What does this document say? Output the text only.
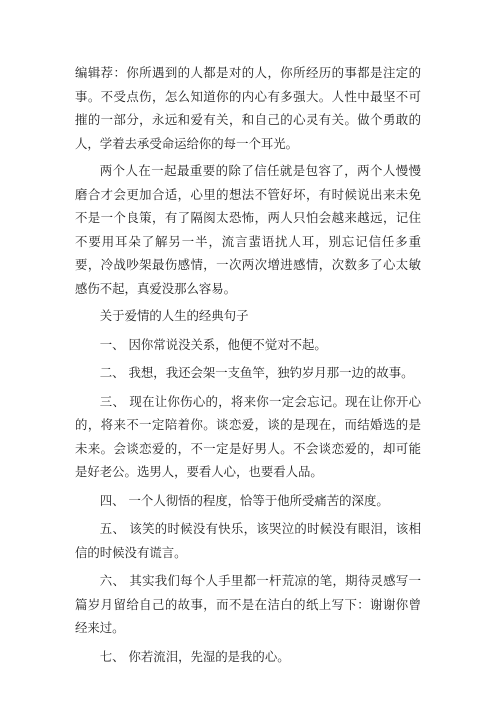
编辑荐：你所遇到的人都是对的人，你所经历的事都是注定的事。不受点伤，怎么知道你的内心有多强大。人性中最坚不可摧的一部分，永远和爱有关，和自己的心灵有关。做个勇敢的人，学着去承受命运给你的每一个耳光。

两个人在一起最重要的除了信任就是包容了，两个人慢慢磨合才会更加合适，心里的想法不管好坏，有时候说出来未免不是一个良策，有了隔阂太恐怖，两人只怕会越来越远，记住不要用耳朵了解另一半，流言蜚语扰人耳，别忘记信任多重要，冷战吵架最伤感情，一次两次增进感情，次数多了心太敏感伤不起，真爱没那么容易。

关于爱情的人生的经典句子

一、 因你常说没关系，他便不觉对不起。

二、 我想，我还会架一支鱼竿，独钓岁月那一边的故事。

三、 现在让你伤心的，将来你一定会忘记。现在让你开心的，将来不一定陪着你。谈恋爱，谈的是现在，而结婚选的是未来。会谈恋爱的，不一定是好男人。不会谈恋爱的，却可能是好老公。选男人，要看人心，也要看人品。

四、 一个人彻悟的程度，恰等于他所受痛苦的深度。

五、 该笑的时候没有快乐，该哭泣的时候没有眼泪，该相信的时候没有谎言。

六、 其实我们每个人手里都一杆荒凉的笔，期待灵感写一篇岁月留给自己的故事，而不是在洁白的纸上写下：谢谢你曾经来过。

七、 你若流泪，先湿的是我的心。
